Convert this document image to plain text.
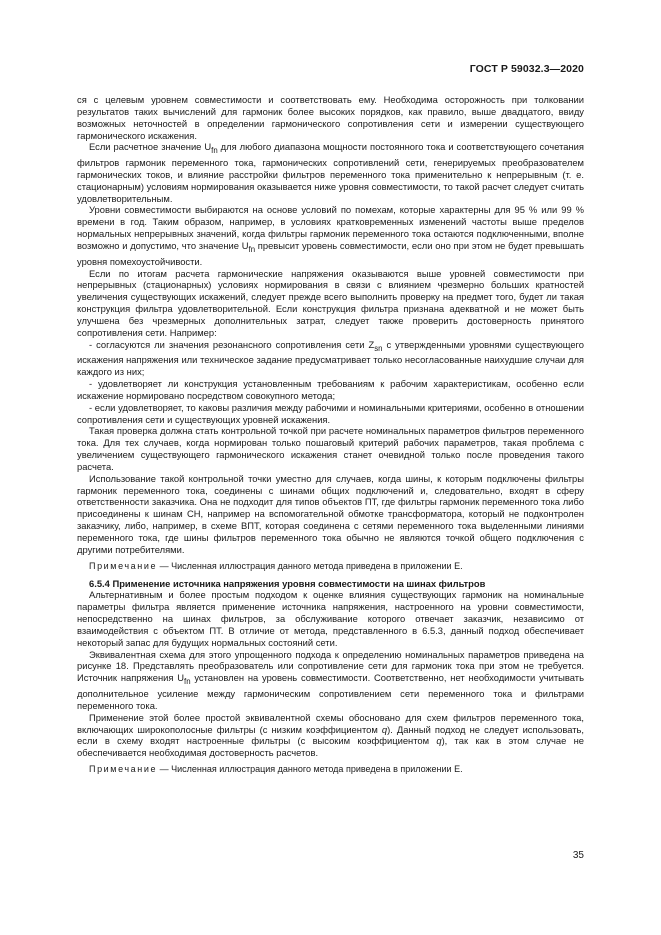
ГОСТ Р 59032.3—2020

ся с целевым уровнем совместимости и соответствовать ему. Необходима осторожность при толковании результатов таких вычислений для гармоник более высоких порядков, как правило, выше двадцатого, ввиду возможных неточностей в определении гармонического сопротивления сети и измерении существующего гармонического искажения.

Если расчетное значение $U_{fn}$ для любого диапазона мощности постоянного тока и соответствующего сочетания фильтров гармоник переменного тока, гармонических сопротивлений сети, генерируемых преобразователем гармонических токов, и влияние расстройки фильтров переменного тока применительно к непрерывным (т. е. стационарным) условиям нормирования оказывается ниже уровня совместимости, то такой расчет следует считать удовлетворительным.

Уровни совместимости выбираются на основе условий по помехам, которые характерны для 95 % или 99 % времени в год. Таким образом, например, в условиях кратковременных изменений частоты выше пределов нормальных непрерывных значений, когда фильтры гармоник переменного тока остаются подключенными, вполне возможно и допустимо, что значение $U_{fn}$ превысит уровень совместимости, если оно при этом не будет превышать уровня помехоустойчивости.

Если по итогам расчета гармонические напряжения оказываются выше уровней совместимости при непрерывных (стационарных) условиях нормирования в связи с влиянием чрезмерно больших кратностей увеличения существующих искажений, следует прежде всего выполнить проверку на предмет того, будет ли такая конструкция фильтра удовлетворительной. Если конструкция фильтра признана адекватной и не может быть улучшена без чрезмерных дополнительных затрат, следует также проверить достоверность принятого сопротивления сети. Например:

- согласуются ли значения резонансного сопротивления сети $Z_{sn}$ с утвержденными уровнями существующего искажения напряжения или техническое задание предусматривает только несогласованные наихудшие случаи для каждого из них;

- удовлетворяет ли конструкция установленным требованиям к рабочим характеристикам, особенно если искажение нормировано посредством совокупного метода;

- если удовлетворяет, то каковы различия между рабочими и номинальными критериями, особенно в отношении сопротивления сети и существующих уровней искажения.

Такая проверка должна стать контрольной точкой при расчете номинальных параметров фильтров переменного тока. Для тех случаев, когда нормирован только пошаговый критерий рабочих параметров, такая проблема с увеличением существующего гармонического искажения станет очевидной только после проведения такого расчета.

Использование такой контрольной точки уместно для случаев, когда шины, к которым подключены фильтры гармоник переменного тока, соединены с шинами общих подключений и, следовательно, входят в сферу ответственности заказчика. Она не подходит для типов объектов ПТ, где фильтры гармоник переменного тока либо присоединены к шинам СН, например на вспомогательной обмотке трансформатора, который не подконтролен заказчику, либо, например, в схеме ВПТ, которая соединена с сетями переменного тока выделенными линиями переменного тока, где шины фильтров переменного тока обычно не являются точкой общего подключения с другими потребителями.

Примечание — Численная иллюстрация данного метода приведена в приложении Е.

6.5.4 Применение источника напряжения уровня совместимости на шинах фильтров

Альтернативным и более простым подходом к оценке влияния существующих гармоник на номинальные параметры фильтра является применение источника напряжения, настроенного на уровни совместимости, непосредственно на шинах фильтров, за обслуживание которого отвечает заказчик, независимо от взаимодействия с объектом ПТ. В отличие от метода, представленного в 6.5.3, данный подход обеспечивает некоторый запас для будущих нормальных состояний сети.

Эквивалентная схема для этого упрощенного подхода к определению номинальных параметров приведена на рисунке 18. Представлять преобразователь или сопротивление сети для гармоник тока при этом не требуется. Источник напряжения $U_{fn}$ установлен на уровень совместимости. Соответственно, нет необходимости учитывать дополнительное усиление между гармоническим сопротивлением сети переменного тока и фильтрами переменного тока.

Применение этой более простой эквивалентной схемы обосновано для схем фильтров переменного тока, включающих широкополосные фильтры (с низким коэффициентом q). Данный подход не следует использовать, если в схему входят настроенные фильтры (с высоким коэффициентом q), так как в этом случае не обеспечивается необходимая достоверность расчетов.

Примечание — Численная иллюстрация данного метода приведена в приложении Е.

35
